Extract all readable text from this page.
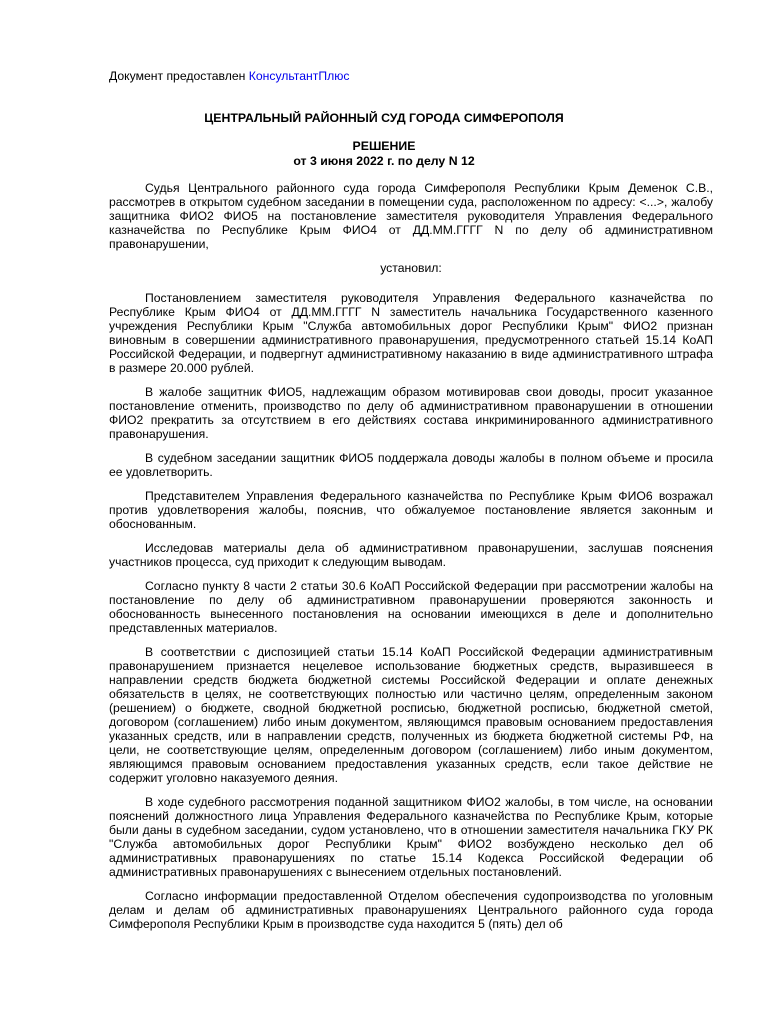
Документ предоставлен КонсультантПлюс
ЦЕНТРАЛЬНЫЙ РАЙОННЫЙ СУД ГОРОДА СИМФЕРОПОЛЯ
РЕШЕНИЕ
от 3 июня 2022 г. по делу N 12

Судья Центрального районного суда города Симферополя Республики Крым Деменок С.В., рассмотрев в открытом судебном заседании в помещении суда, расположенном по адресу: <...>, жалобу защитника ФИО2 ФИО5 на постановление заместителя руководителя Управления Федерального казначейства по Республике Крым ФИО4 от ДД.ММ.ГГГГ N по делу об административном правонарушении,

установил:

Постановлением заместителя руководителя Управления Федерального казначейства по Республике Крым ФИО4 от ДД.ММ.ГГГГ N заместитель начальника Государственного казенного учреждения Республики Крым "Служба автомобильных дорог Республики Крым" ФИО2 признан виновным в совершении административного правонарушения, предусмотренного статьей 15.14 КоАП Российской Федерации, и подвергнут административному наказанию в виде административного штрафа в размере 20.000 рублей.

В жалобе защитник ФИО5, надлежащим образом мотивировав свои доводы, просит указанное постановление отменить, производство по делу об административном правонарушении в отношении ФИО2 прекратить за отсутствием в его действиях состава инкриминированного административного правонарушения.

В судебном заседании защитник ФИО5 поддержала доводы жалобы в полном объеме и просила ее удовлетворить.

Представителем Управления Федерального казначейства по Республике Крым ФИО6 возражал против удовлетворения жалобы, пояснив, что обжалуемое постановление является законным и обоснованным.

Исследовав материалы дела об административном правонарушении, заслушав пояснения участников процесса, суд приходит к следующим выводам.

Согласно пункту 8 части 2 статьи 30.6 КоАП Российской Федерации при рассмотрении жалобы на постановление по делу об административном правонарушении проверяются законность и обоснованность вынесенного постановления на основании имеющихся в деле и дополнительно представленных материалов.

В соответствии с диспозицией статьи 15.14 КоАП Российской Федерации административным правонарушением признается нецелевое использование бюджетных средств, выразившееся в направлении средств бюджета бюджетной системы Российской Федерации и оплате денежных обязательств в целях, не соответствующих полностью или частично целям, определенным законом (решением) о бюджете, сводной бюджетной росписью, бюджетной росписью, бюджетной сметой, договором (соглашением) либо иным документом, являющимся правовым основанием предоставления указанных средств, или в направлении средств, полученных из бюджета бюджетной системы РФ, на цели, не соответствующие целям, определенным договором (соглашением) либо иным документом, являющимся правовым основанием предоставления указанных средств, если такое действие не содержит уголовно наказуемого деяния.

В ходе судебного рассмотрения поданной защитником ФИО2 жалобы, в том числе, на основании пояснений должностного лица Управления Федерального казначейства по Республике Крым, которые были даны в судебном заседании, судом установлено, что в отношении заместителя начальника ГКУ РК "Служба автомобильных дорог Республики Крым" ФИО2 возбуждено несколько дел об административных правонарушениях по статье 15.14 Кодекса Российской Федерации об административных правонарушениях с вынесением отдельных постановлений.

Согласно информации предоставленной Отделом обеспечения судопроизводства по уголовным делам и делам об административных правонарушениях Центрального районного суда города Симферополя Республики Крым в производстве суда находится 5 (пять) дел об
